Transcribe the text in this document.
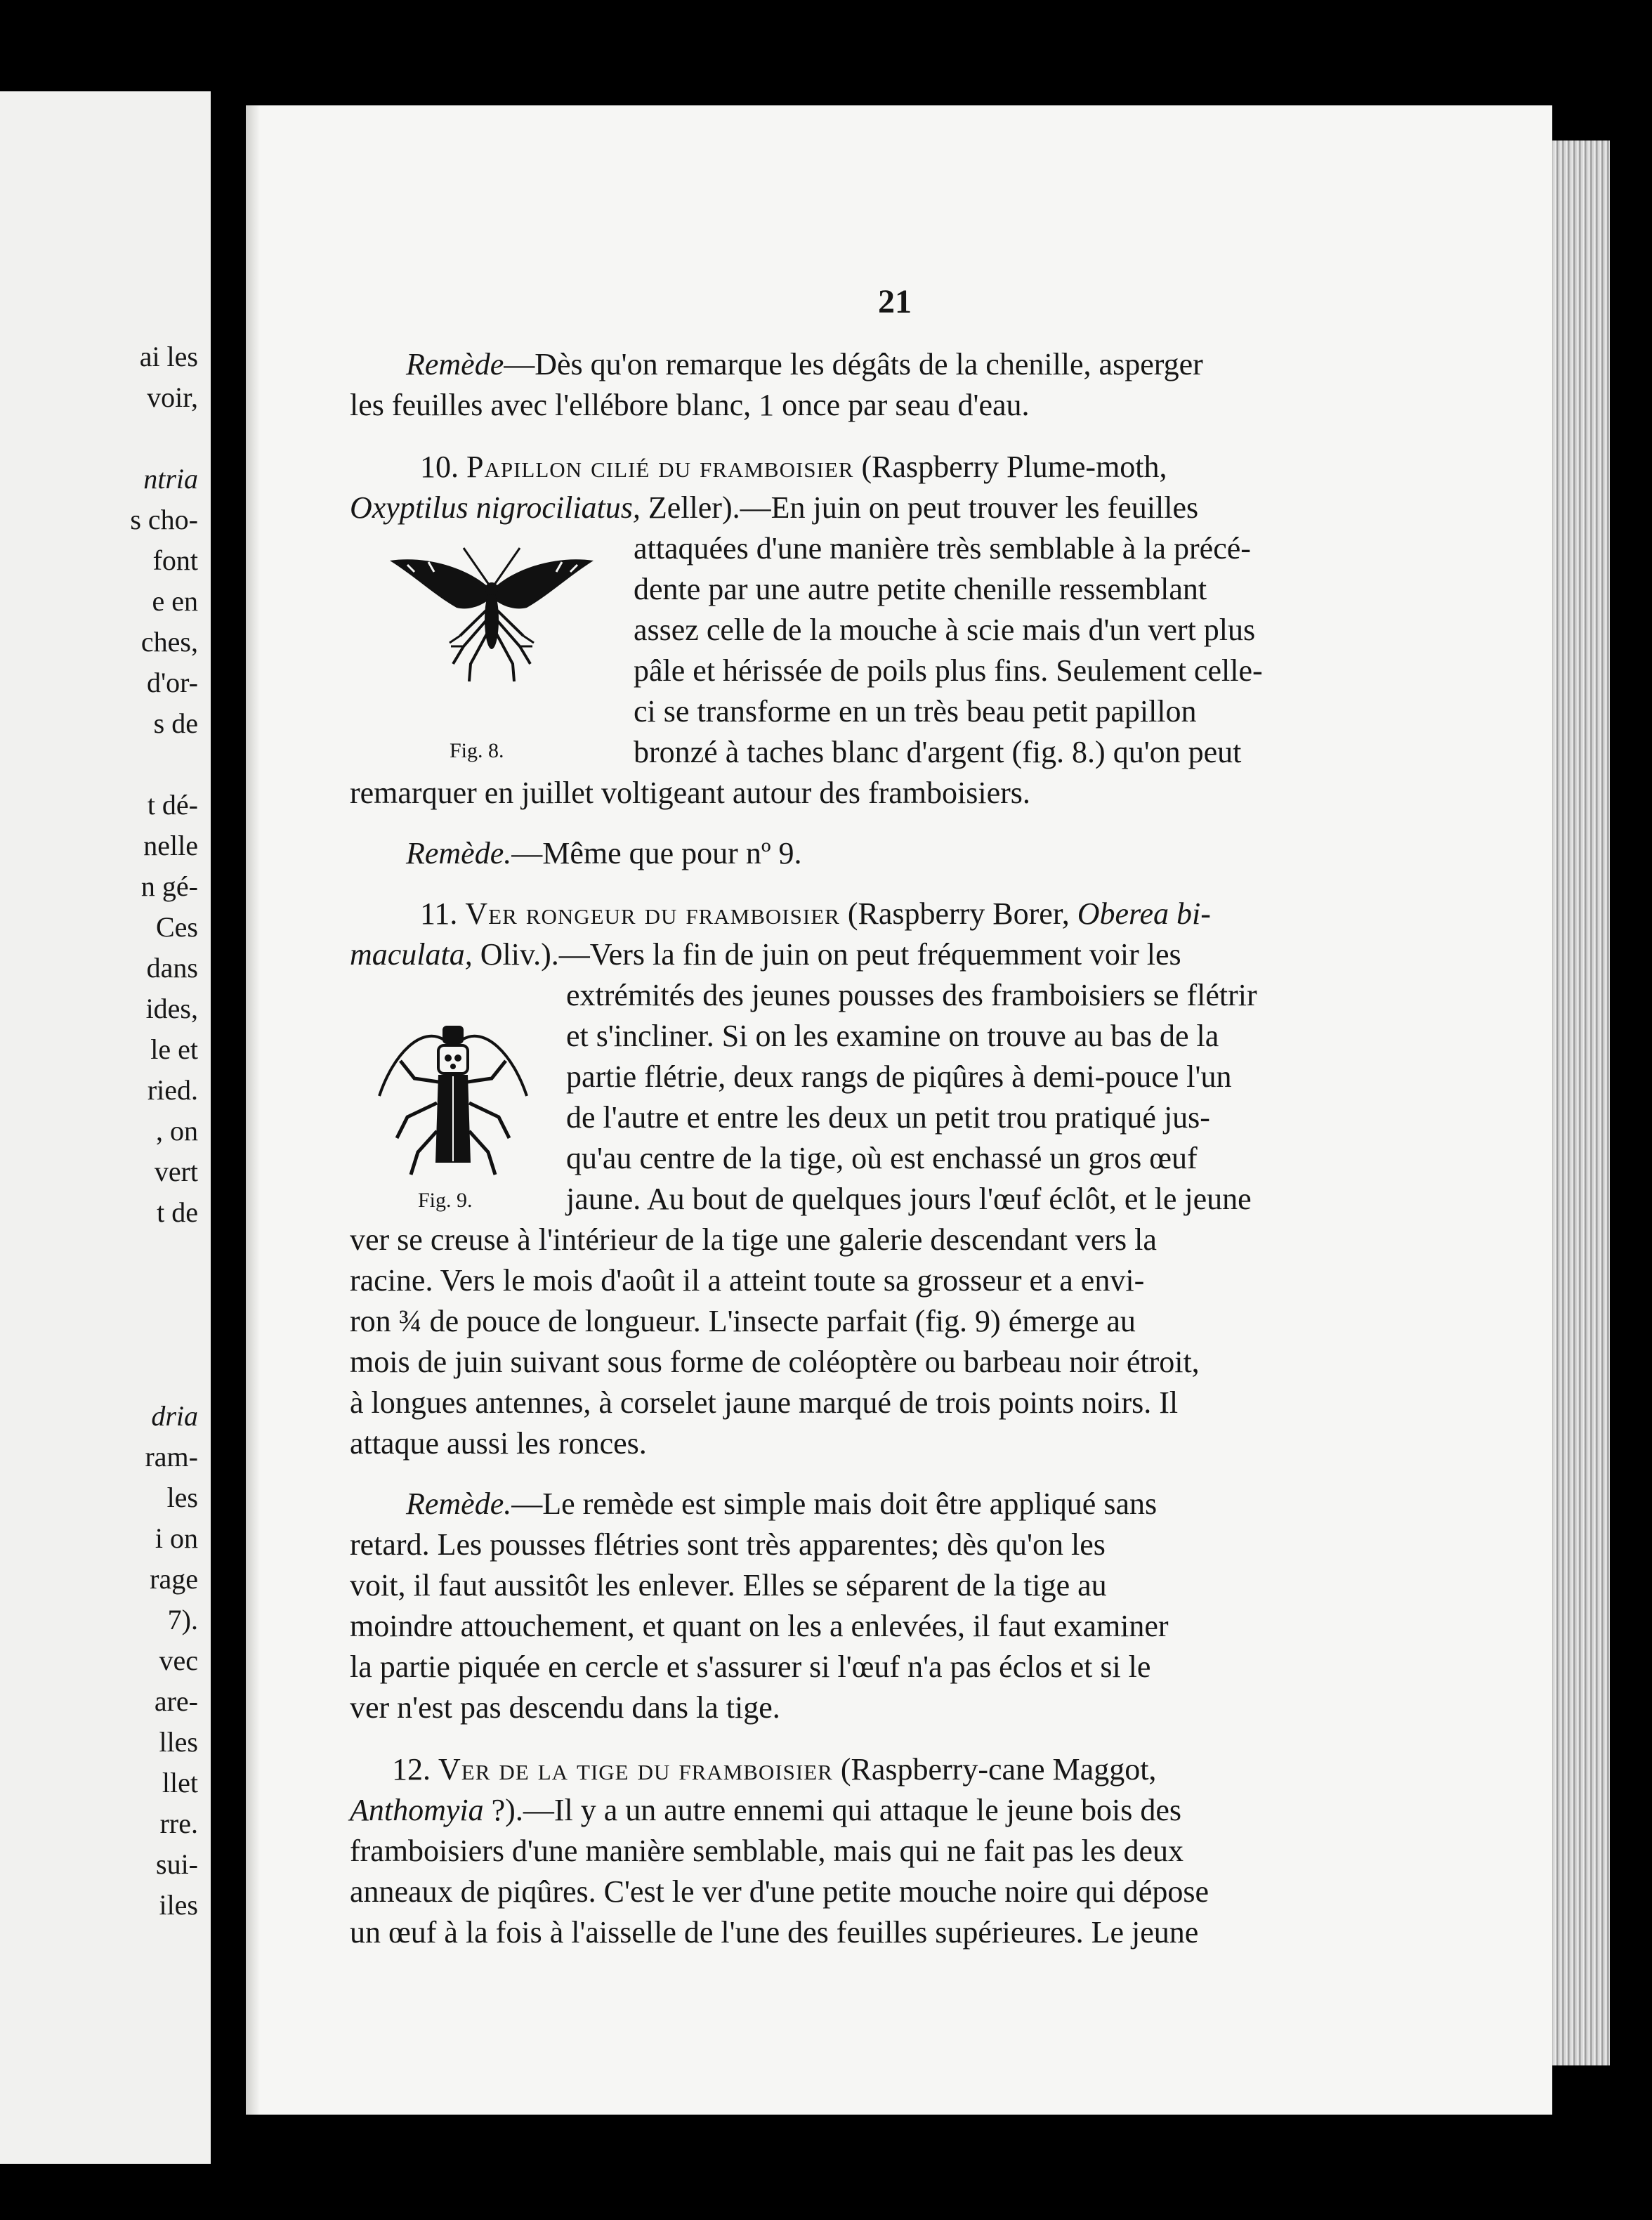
ai les
voir,
ntria
s cho-
font
e en
ches,
d'or-
s de
t dé-
nelle
n gé-
Ces
dans
ides,
le et
ried.
, on
vert
t de
dria
ram-
les
i on
rage
7).
vec
are-
lles
llet
rre.
sui-
iles
21
Remède—Dès qu'on remarque les dégâts de la chenille, asperger
les feuilles avec l'ellébore blanc, 1 once par seau d'eau.
10. Papillon cilié du framboisier (Raspberry Plume-moth,
Oxyptilus nigrociliatus, Zeller).—En juin on peut trouver les feuilles
attaquées d'une manière très semblable à la précé-
dente par une autre petite chenille ressemblant
assez celle de la mouche à scie mais d'un vert plus
pâle et hérissée de poils plus fins. Seulement celle-
ci se transforme en un très beau petit papillon
bronzé à taches blanc d'argent (fig. 8.) qu'on peut
remarquer en juillet voltigeant autour des framboisiers.
Fig. 8.
Remède.—Même que pour nº 9.
11. Ver rongeur du framboisier (Raspberry Borer, Oberea bi-
maculata, Oliv.).—Vers la fin de juin on peut fréquemment voir les
extrémités des jeunes pousses des framboisiers se flétrir
et s'incliner. Si on les examine on trouve au bas de la
partie flétrie, deux rangs de piqûres à demi-pouce l'un
de l'autre et entre les deux un petit trou pratiqué jus-
qu'au centre de la tige, où est enchassé un gros œuf
jaune. Au bout de quelques jours l'œuf éclôt, et le jeune
ver se creuse à l'intérieur de la tige une galerie descendant vers la
racine. Vers le mois d'août il a atteint toute sa grosseur et a envi-
ron ¾ de pouce de longueur. L'insecte parfait (fig. 9) émerge au
mois de juin suivant sous forme de coléoptère ou barbeau noir étroit,
à longues antennes, à corselet jaune marqué de trois points noirs. Il
attaque aussi les ronces.
Fig. 9.
Remède.—Le remède est simple mais doit être appliqué sans
retard. Les pousses flétries sont très apparentes; dès qu'on les
voit, il faut aussitôt les enlever. Elles se séparent de la tige au
moindre attouchement, et quant on les a enlevées, il faut examiner
la partie piquée en cercle et s'assurer si l'œuf n'a pas éclos et si le
ver n'est pas descendu dans la tige.
12. Ver de la tige du framboisier (Raspberry-cane Maggot,
Anthomyia ?).—Il y a un autre ennemi qui attaque le jeune bois des
framboisiers d'une manière semblable, mais qui ne fait pas les deux
anneaux de piqûres. C'est le ver d'une petite mouche noire qui dépose
un œuf à la fois à l'aisselle de l'une des feuilles supérieures. Le jeune
